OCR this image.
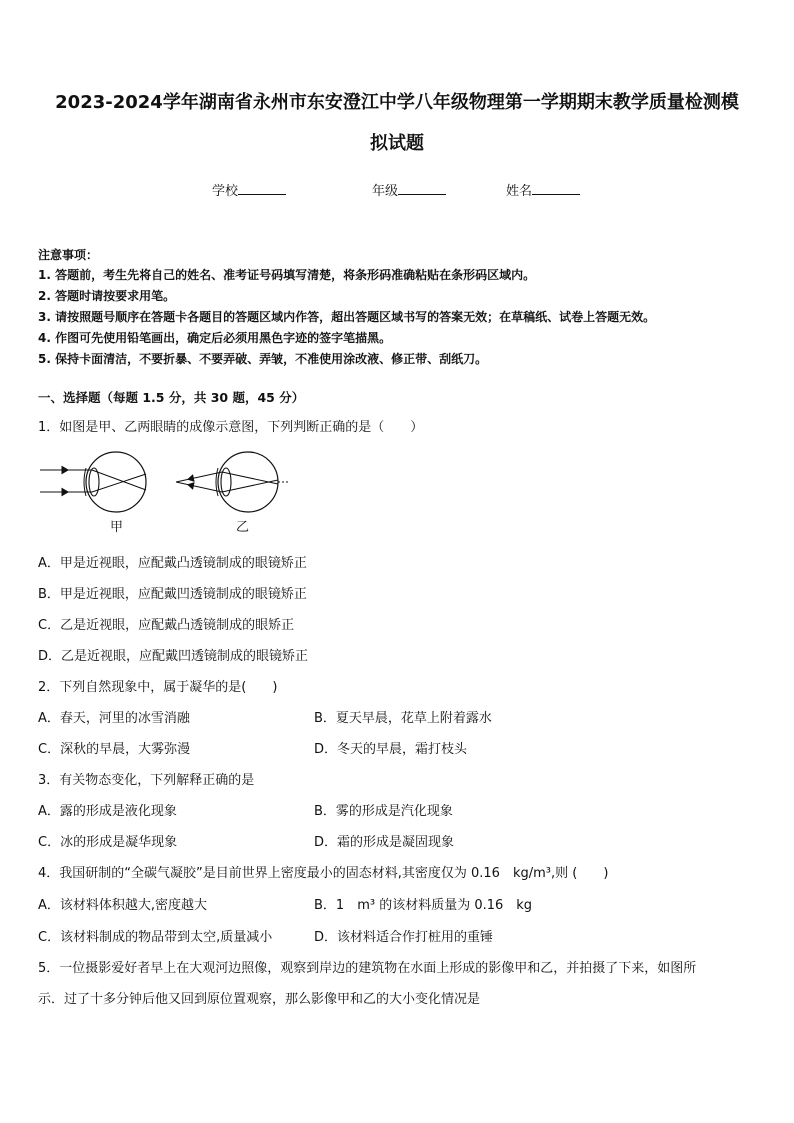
2023-2024学年湖南省永州市东安澄江中学八年级物理第一学期期末教学质量检测模
拟试题
学校	年级	姓名
注意事项：
1. 答题前，考生先将自己的姓名、准考证号码填写清楚，将条形码准确粘贴在条形码区域内。
2. 答题时请按要求用笔。
3. 请按照题号顺序在答题卡各题目的答题区域内作答，超出答题区域书写的答案无效；在草稿纸、试卷上答题无效。
4. 作图可先使用铅笔画出，确定后必须用黑色字迹的签字笔描黑。
5. 保持卡面清洁，不要折暴、不要弄破、弄皱，不准使用涂改液、修正带、刮纸刀。
一、选择题（每题 1.5 分，共 30 题，45 分）
1．如图是甲、乙两眼睛的成像示意图，下列判断正确的是（　　）
甲	乙
A．甲是近视眼，应配戴凸透镜制成的眼镜矫正
B．甲是近视眼，应配戴凹透镜制成的眼镜矫正
C．乙是近视眼，应配戴凸透镜制成的眼矫正
D．乙是近视眼，应配戴凹透镜制成的眼镜矫正
2．下列自然现象中，属于凝华的是(　　)
A．春天，河里的冰雪消融	B．夏天早晨，花草上附着露水
C．深秋的早晨，大雾弥漫	D．冬天的早晨，霜打枝头
3．有关物态变化，下列解释正确的是
A．露的形成是液化现象	B．雾的形成是汽化现象
C．冰的形成是凝华现象	D．霜的形成是凝固现象
4．我国研制的“全碳气凝胶”是目前世界上密度最小的固态材料,其密度仅为 0.16　kg/m³,则 (　　)
A．该材料体积越大,密度越大	B．1　m³ 的该材料质量为 0.16　kg
C．该材料制成的物品带到太空,质量减小	D．该材料适合作打桩用的重锤
5．一位摄影爱好者早上在大观河边照像，观察到岸边的建筑物在水面上形成的影像甲和乙，并拍摄了下来，如图所
示．过了十多分钟后他又回到原位置观察，那么影像甲和乙的大小变化情况是
